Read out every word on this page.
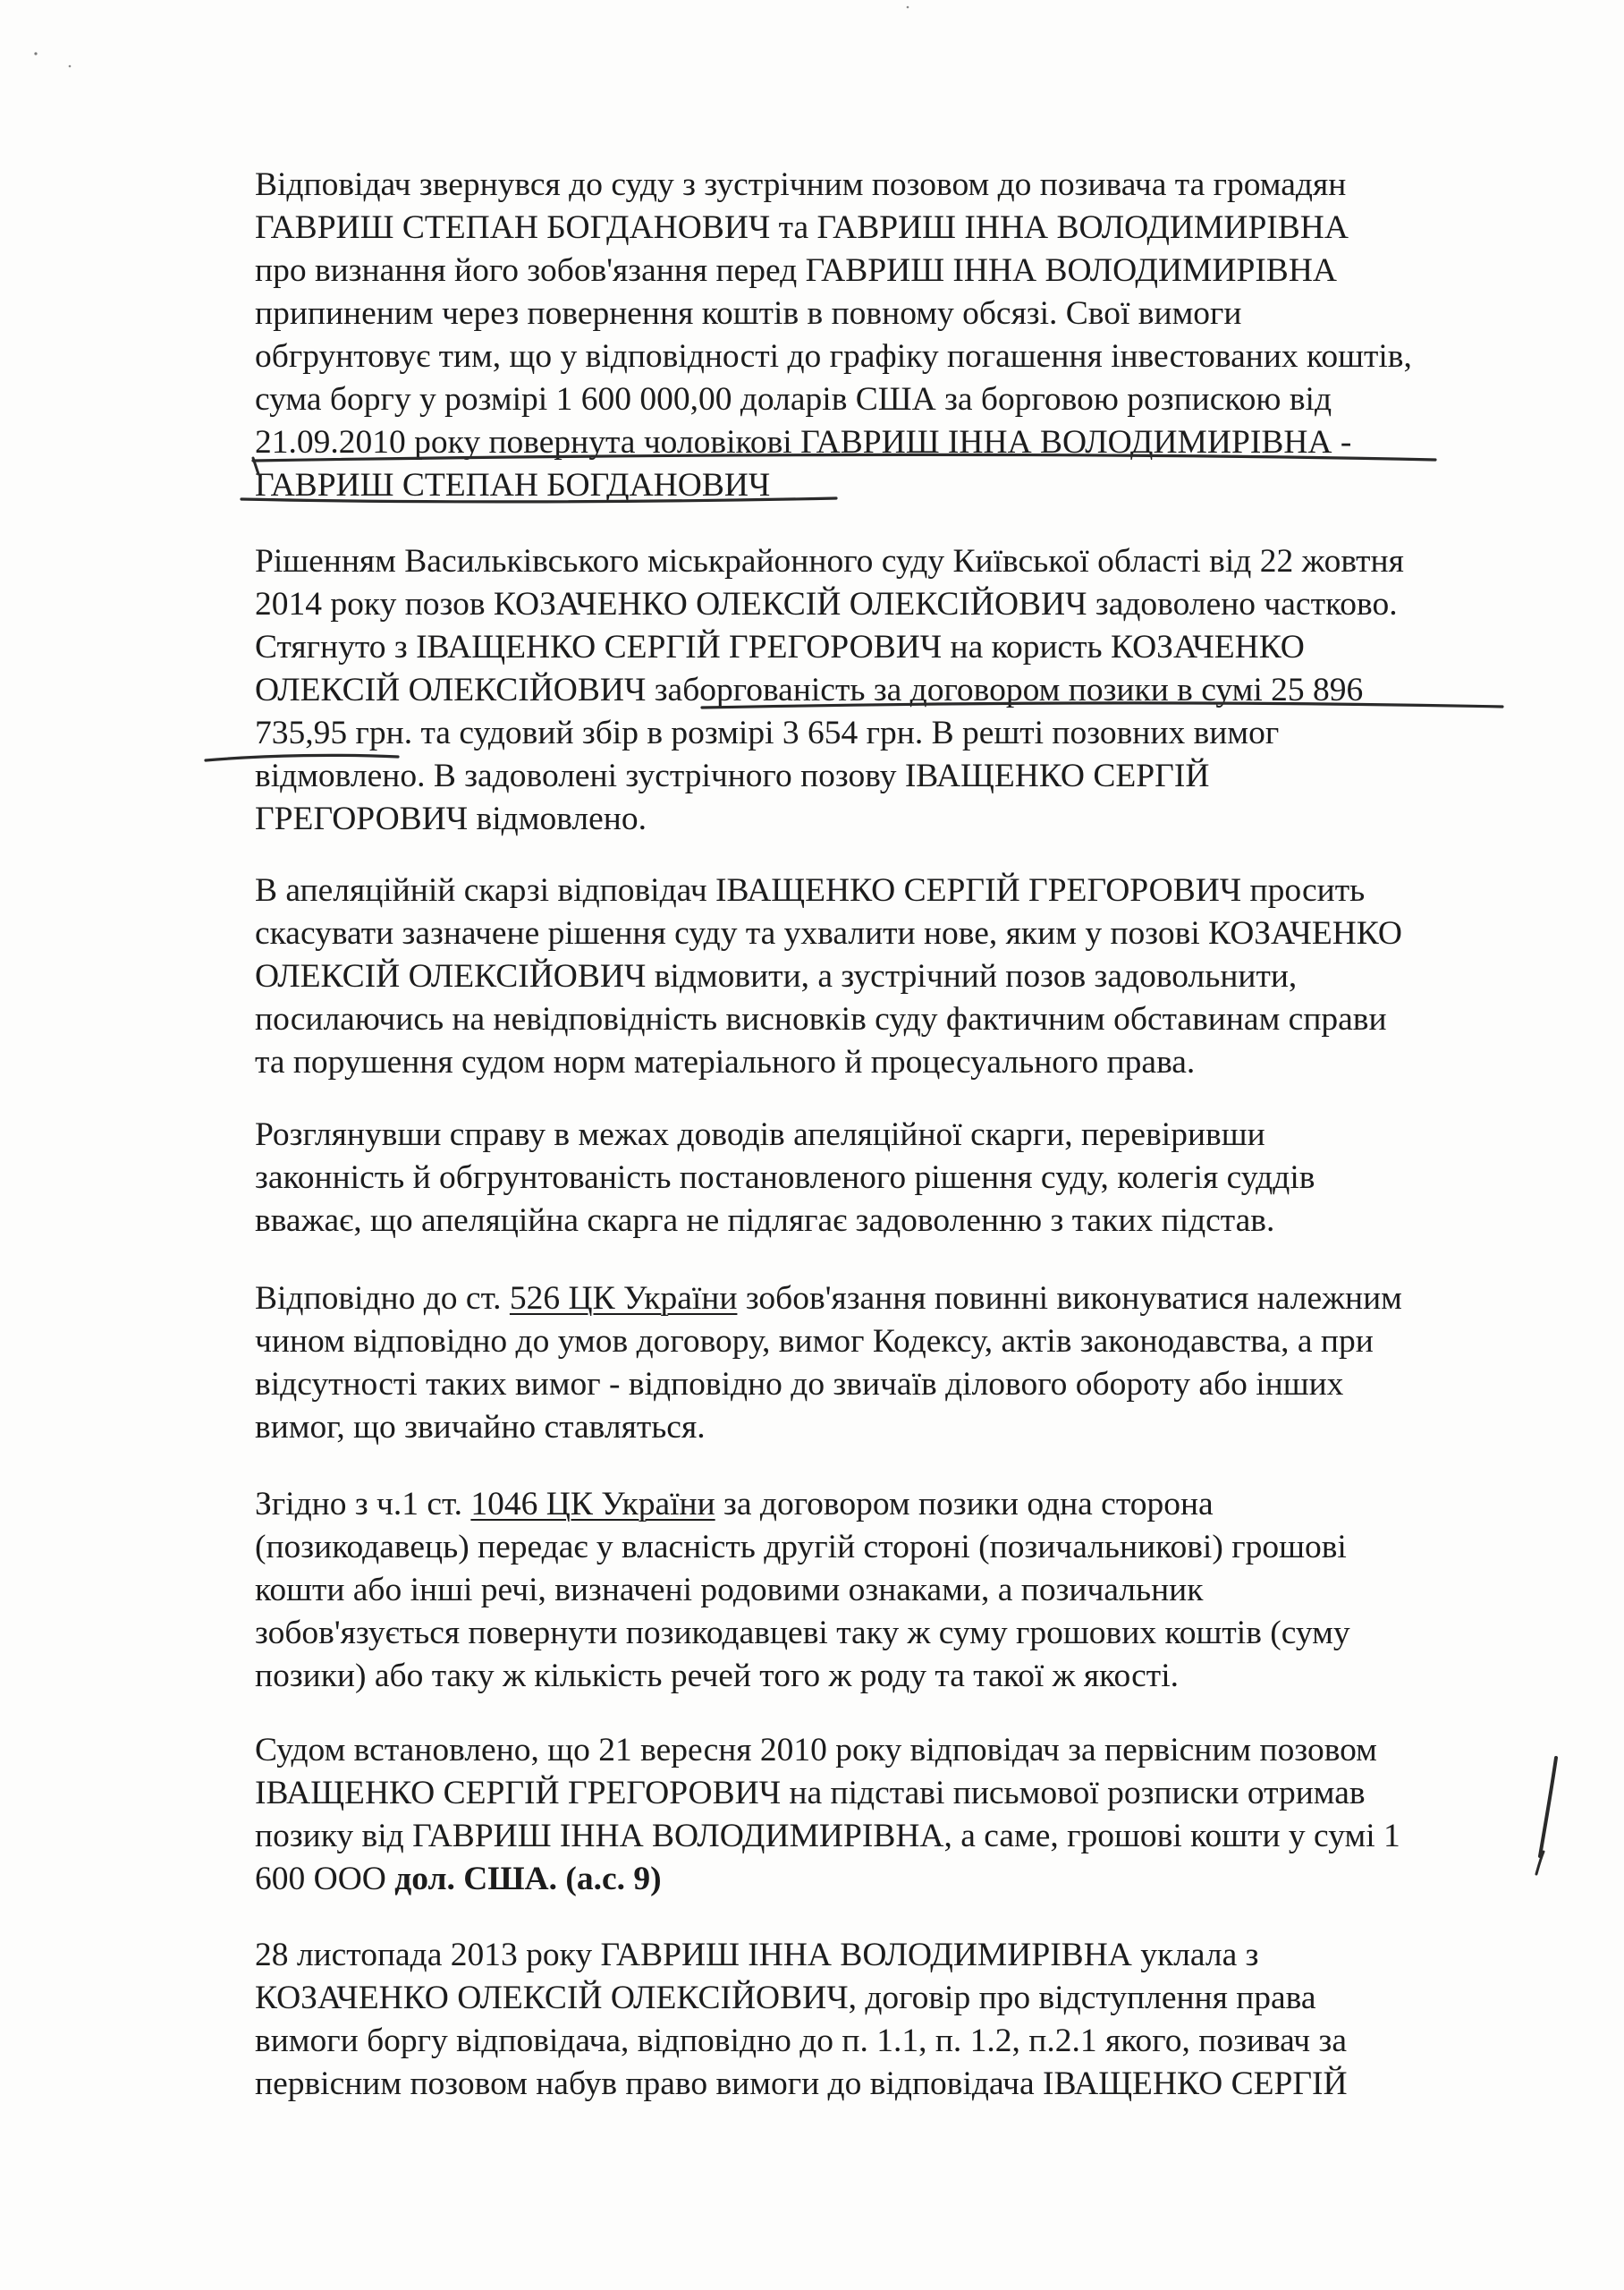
Відповідач звернувся до суду з зустрічним позовом до позивача та громадян
ГАВРИШ СТЕПАН БОГДАНОВИЧ та ГАВРИШ ІННА ВОЛОДИМИРІВНА
про визнання його зобов'язання перед ГАВРИШ ІННА ВОЛОДИМИРІВНА
припиненим через повернення коштів в повному обсязі. Свої вимоги
обгрунтовує тим, що у відповідності до графіку погашення інвестованих коштів,
сума боргу у розмірі 1 600 000,00 доларів США за борговою розпискою від
21.09.2010 року повернута чоловікові ГАВРИШ ІННА ВОЛОДИМИРІВНА -
ГАВРИШ СТЕПАН БОГДАНОВИЧ
Рішенням Васильківського міськрайонного суду Київської області від 22 жовтня
2014 року позов КОЗАЧЕНКО ОЛЕКСІЙ ОЛЕКСІЙОВИЧ задоволено частково.
Стягнуто з ІВАЩЕНКО СЕРГІЙ ГРЕГОРОВИЧ на користь КОЗАЧЕНКО
ОЛЕКСІЙ ОЛЕКСІЙОВИЧ заборгованість за договором позики в сумі 25 896
735,95 грн. та судовий збір в розмірі 3 654 грн. В решті позовних вимог
відмовлено. В задоволені зустрічного позову ІВАЩЕНКО СЕРГІЙ
ГРЕГОРОВИЧ відмовлено.
В апеляційній скарзі відповідач ІВАЩЕНКО СЕРГІЙ ГРЕГОРОВИЧ просить
скасувати зазначене рішення суду та ухвалити нове, яким у позові КОЗАЧЕНКО
ОЛЕКСІЙ ОЛЕКСІЙОВИЧ відмовити, а зустрічний позов задовольнити,
посилаючись на невідповідність висновків суду фактичним обставинам справи
та порушення судом норм матеріального й процесуального права.
Розглянувши справу в межах доводів апеляційної скарги, перевіривши
законність й обгрунтованість постановленого рішення суду, колегія суддів
вважає, що апеляційна скарга не підлягає задоволенню з таких підстав.
Відповідно до ст. 526 ЦК України зобов'язання повинні виконуватися належним
чином відповідно до умов договору, вимог Кодексу, актів законодавства, а при
відсутності таких вимог - відповідно до звичаїв ділового обороту або інших
вимог, що звичайно ставляться.
Згідно з ч.1 ст. 1046 ЦК України за договором позики одна сторона
(позикодавець) передає у власність другій стороні (позичальникові) грошові
кошти або інші речі, визначені родовими ознаками, а позичальник
зобов'язується повернути позикодавцеві таку ж суму грошових коштів (суму
позики) або таку ж кількість речей того ж роду та такої ж якості.
Судом встановлено, що 21 вересня 2010 року відповідач за первісним позовом
ІВАЩЕНКО СЕРГІЙ ГРЕГОРОВИЧ на підставі письмової розписки отримав
позику від ГАВРИШ ІННА ВОЛОДИМИРІВНА, а саме, грошові кошти у сумі 1
600 ООО дол. США. (а.с. 9)
28 листопада 2013 року ГАВРИШ ІННА ВОЛОДИМИРІВНА уклала з
КОЗАЧЕНКО ОЛЕКСІЙ ОЛЕКСІЙОВИЧ, договір про відступлення права
вимоги боргу відповідача, відповідно до п. 1.1, п. 1.2, п.2.1 якого, позивач за
первісним позовом набув право вимоги до відповідача ІВАЩЕНКО СЕРГІЙ
